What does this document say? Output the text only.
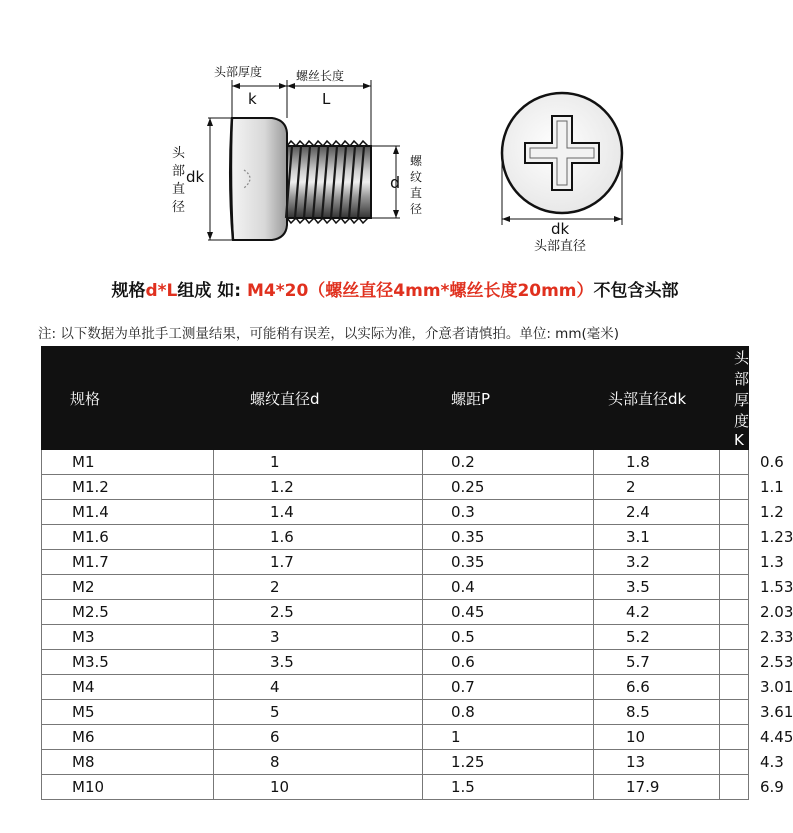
头部厚度	螺丝长度
k	L
头
部
直
径
dk	d
螺
纹
直
径
dk
头部直径
规格d*L组成 如: M4*20（螺丝直径4mm*螺丝长度20mm）不包含头部
注: 以下数据为单批手工测量结果，可能稍有误差，以实际为准，介意者请慎拍。单位: mm(毫米)
规格	螺纹直径d	螺距P	头部直径dk	头部厚度K
M1	1	0.2	1.8	0.6
M1.2	1.2	0.25	2	1.1
M1.4	1.4	0.3	2.4	1.2
M1.6	1.6	0.35	3.1	1.23
M1.7	1.7	0.35	3.2	1.3
M2	2	0.4	3.5	1.53
M2.5	2.5	0.45	4.2	2.03
M3	3	0.5	5.2	2.33
M3.5	3.5	0.6	5.7	2.53
M4	4	0.7	6.6	3.01
M5	5	0.8	8.5	3.61
M6	6	1	10	4.45
M8	8	1.25	13	4.3
M10	10	1.5	17.9	6.9
